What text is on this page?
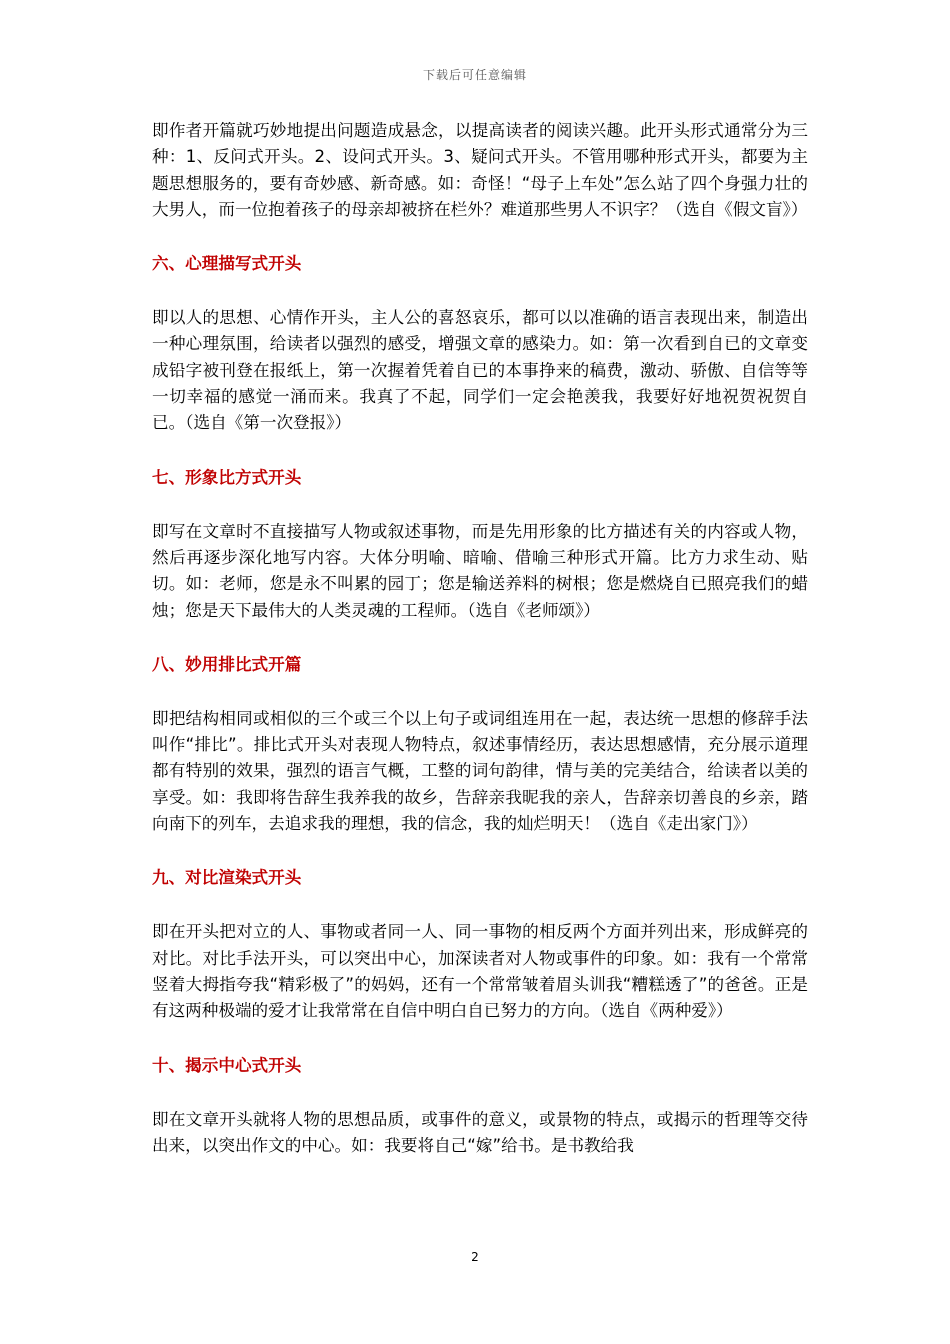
下载后可任意编辑

即作者开篇就巧妙地提出问题造成悬念，以提高读者的阅读兴趣。此开头形式通常分为三种：1、反问式开头。2、设问式开头。3、疑问式开头。不管用哪种形式开头，都要为主题思想服务的，要有奇妙感、新奇感。如：奇怪！“母子上车处”怎么站了四个身强力壮的大男人，而一位抱着孩子的母亲却被挤在栏外？难道那些男人不识字？（选自《假文盲》）

六、心理描写式开头

即以人的思想、心情作开头，主人公的喜怒哀乐，都可以以准确的语言表现出来，制造出一种心理氛围，给读者以强烈的感受，增强文章的感染力。如：第一次看到自已的文章变成铅字被刊登在报纸上，第一次握着凭着自已的本事挣来的稿费，激动、骄傲、自信等等一切幸福的感觉一涌而来。我真了不起，同学们一定会艳羡我，我要好好地祝贺祝贺自已。（选自《第一次登报》）

七、形象比方式开头

即写在文章时不直接描写人物或叙述事物，而是先用形象的比方描述有关的内容或人物，然后再逐步深化地写内容。大体分明喻、暗喻、借喻三种形式开篇。比方力求生动、贴切。如：老师，您是永不叫累的园丁；您是输送养料的树根；您是燃烧自已照亮我们的蜡烛；您是天下最伟大的人类灵魂的工程师。（选自《老师颂》）

八、妙用排比式开篇

即把结构相同或相似的三个或三个以上句子或词组连用在一起，表达统一思想的修辞手法叫作“排比”。排比式开头对表现人物特点，叙述事情经历，表达思想感情，充分展示道理都有特别的效果，强烈的语言气概，工整的词句韵律，情与美的完美结合，给读者以美的享受。如：我即将告辞生我养我的故乡，告辞亲我昵我的亲人，告辞亲切善良的乡亲，踏向南下的列车，去追求我的理想，我的信念，我的灿烂明天！（选自《走出家门》）

九、对比渲染式开头

即在开头把对立的人、事物或者同一人、同一事物的相反两个方面并列出来，形成鲜亮的对比。对比手法开头，可以突出中心，加深读者对人物或事件的印象。如：我有一个常常竖着大拇指夸我“精彩极了”的妈妈，还有一个常常皱着眉头训我“糟糕透了”的爸爸。正是有这两种极端的爱才让我常常在自信中明白自已努力的方向。（选自《两种爱》）

十、揭示中心式开头

即在文章开头就将人物的思想品质，或事件的意义，或景物的特点，或揭示的哲理等交待出来，以突出作文的中心。如：我要将自己“嫁”给书。是书教给我

2
